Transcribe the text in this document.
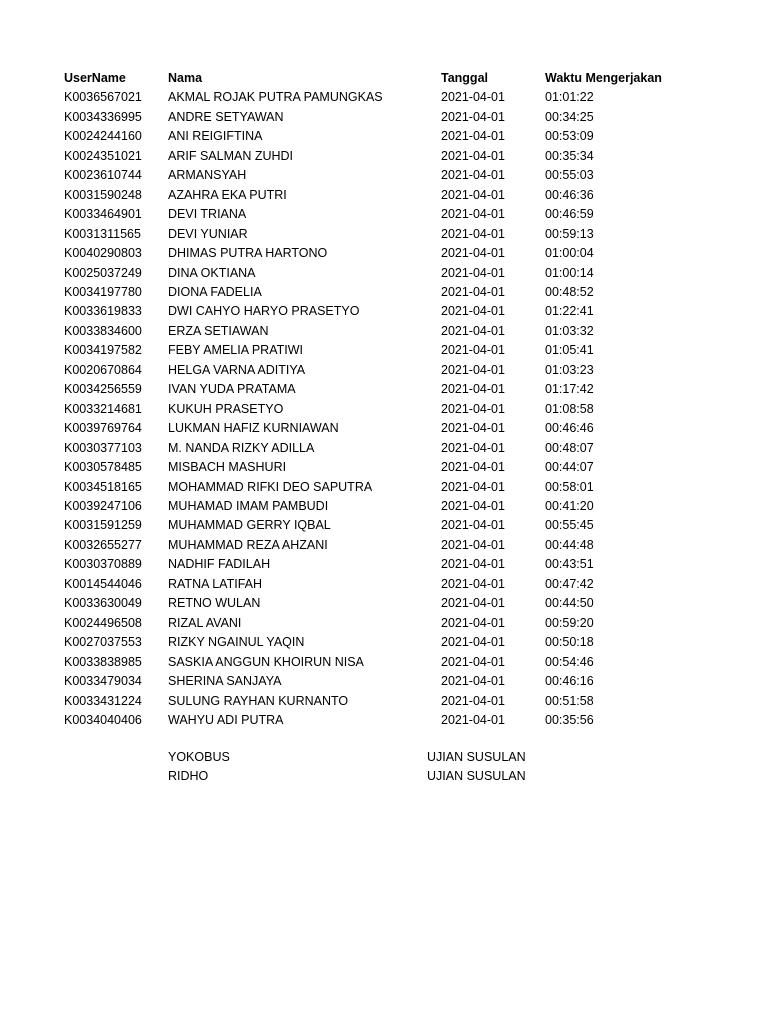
UserName	Nama	Tanggal	Waktu Mengerjakan
K0036567021	AKMAL ROJAK PUTRA PAMUNGKAS	2021-04-01	01:01:22
K0034336995	ANDRE SETYAWAN	2021-04-01	00:34:25
K0024244160	ANI REIGIFTINA	2021-04-01	00:53:09
K0024351021	ARIF SALMAN ZUHDI	2021-04-01	00:35:34
K0023610744	ARMANSYAH	2021-04-01	00:55:03
K0031590248	AZAHRA EKA PUTRI	2021-04-01	00:46:36
K0033464901	DEVI TRIANA	2021-04-01	00:46:59
K0031311565	DEVI YUNIAR	2021-04-01	00:59:13
K0040290803	DHIMAS PUTRA HARTONO	2021-04-01	01:00:04
K0025037249	DINA OKTIANA	2021-04-01	01:00:14
K0034197780	DIONA FADELIA	2021-04-01	00:48:52
K0033619833	DWI CAHYO HARYO PRASETYO	2021-04-01	01:22:41
K0033834600	ERZA SETIAWAN	2021-04-01	01:03:32
K0034197582	FEBY AMELIA PRATIWI	2021-04-01	01:05:41
K0020670864	HELGA VARNA ADITIYA	2021-04-01	01:03:23
K0034256559	IVAN YUDA PRATAMA	2021-04-01	01:17:42
K0033214681	KUKUH PRASETYO	2021-04-01	01:08:58
K0039769764	LUKMAN HAFIZ KURNIAWAN	2021-04-01	00:46:46
K0030377103	M. NANDA RIZKY ADILLA	2021-04-01	00:48:07
K0030578485	MISBACH MASHURI	2021-04-01	00:44:07
K0034518165	MOHAMMAD RIFKI DEO SAPUTRA	2021-04-01	00:58:01
K0039247106	MUHAMAD IMAM PAMBUDI	2021-04-01	00:41:20
K0031591259	MUHAMMAD GERRY IQBAL	2021-04-01	00:55:45
K0032655277	MUHAMMAD REZA AHZANI	2021-04-01	00:44:48
K0030370889	NADHIF FADILAH	2021-04-01	00:43:51
K0014544046	RATNA LATIFAH	2021-04-01	00:47:42
K0033630049	RETNO WULAN	2021-04-01	00:44:50
K0024496508	RIZAL AVANI	2021-04-01	00:59:20
K0027037553	RIZKY NGAINUL YAQIN	2021-04-01	00:50:18
K0033838985	SASKIA ANGGUN KHOIRUN NISA	2021-04-01	00:54:46
K0033479034	SHERINA SANJAYA	2021-04-01	00:46:16
K0033431224	SULUNG RAYHAN KURNANTO	2021-04-01	00:51:58
K0034040406	WAHYU ADI PUTRA	2021-04-01	00:35:56
YOKOBUS	UJIAN SUSULAN
RIDHO	UJIAN SUSULAN
